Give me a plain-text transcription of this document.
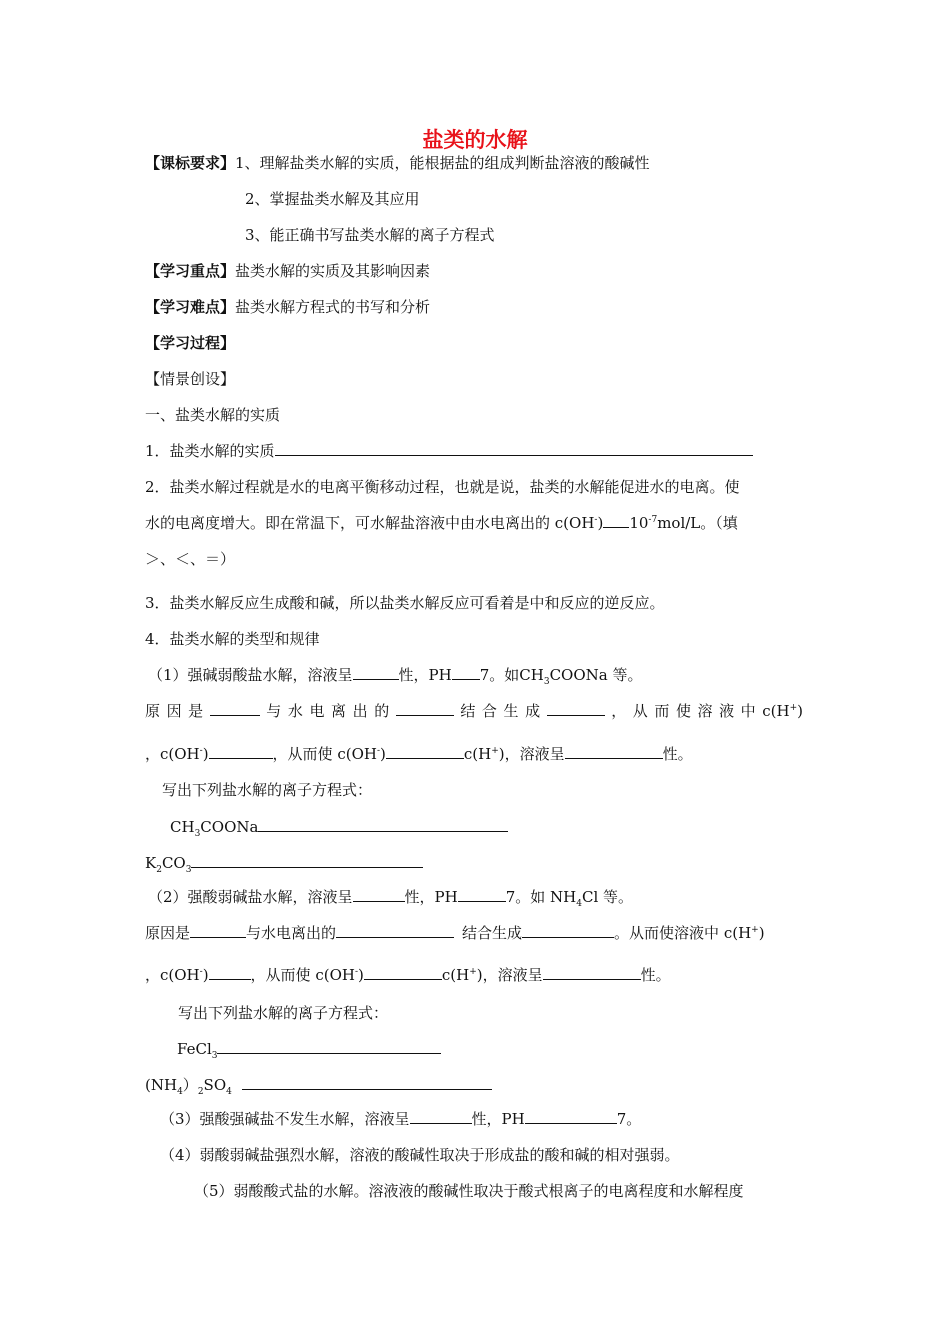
盐类的水解
【课标要求】1、理解盐类水解的实质，能根据盐的组成判断盐溶液的酸碱性
2、掌握盐类水解及其应用
3、能正确书写盐类水解的离子方程式
【学习重点】盐类水解的实质及其影响因素
【学习难点】盐类水解方程式的书写和分析
【学习过程】
【情景创设】
一、盐类水解的实质
1．盐类水解的实质
2．盐类水解过程就是水的电离平衡移动过程，也就是说，盐类的水解能促进水的电离。使
水的电离度增大。即在常温下，可水解盐溶液中由水电离出的 c(OH-) $10^{-7}mol/L$。（填
＞、＜、＝）
3．盐类水解反应生成酸和碱，所以盐类水解反应可看着是中和反应的逆反应。
4．盐类水解的类型和规律
（1）强碱弱酸盐水解，溶液呈	性，PH 7。如$CH_3COONa$ 等。
原 因 是	与 水 电 离 出 的	结 合 生 成	， 从 而 使 溶 液 中 c(H+)
，c(OH-)	，从而使 c(OH-)	c(H+)，溶液呈	性。
写出下列盐水解的离子方程式：
$CH_3COONa$
$K_2CO_3$
（2）强酸弱碱盐水解，溶液呈	性，PH	7。如 $NH_4Cl$ 等。
原因是	与水电离出的	结合生成	。从而使溶液中 c(H+)
，c(OH-)	，从而使 c(OH-)	c(H+)，溶液呈	性。
写出下列盐水解的离子方程式：
FeCl$_3$
$(NH_4)_2SO_4$
（3）强酸强碱盐不发生水解，溶液呈	性，PH	7。
（4）弱酸弱碱盐强烈水解，溶液的酸碱性取决于形成盐的酸和碱的相对强弱。
（5）弱酸酸式盐的水解。溶液液的酸碱性取决于酸式根离子的电离程度和水解程度
